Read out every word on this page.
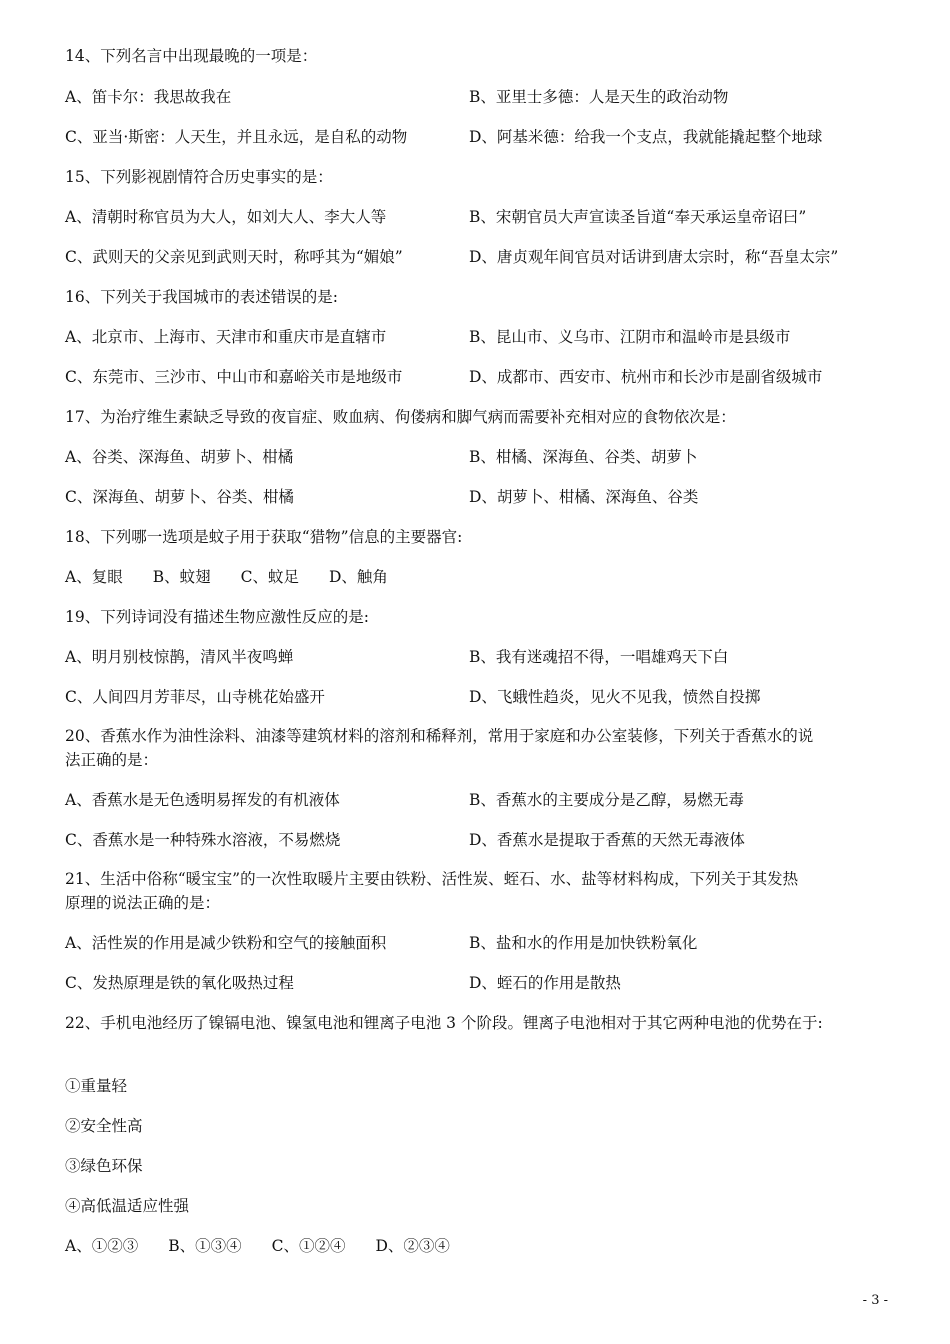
14、下列名言中出现最晚的一项是：
A、笛卡尔：我思故我在	B、亚里士多德：人是天生的政治动物
C、亚当·斯密：人天生，并且永远，是自私的动物	D、阿基米德：给我一个支点，我就能撬起整个地球
15、下列影视剧情符合历史事实的是：
A、清朝时称官员为大人，如刘大人、李大人等	B、宋朝官员大声宣读圣旨道“奉天承运皇帝诏曰”
C、武则天的父亲见到武则天时，称呼其为“媚娘”	D、唐贞观年间官员对话讲到唐太宗时，称“吾皇太宗”
16、下列关于我国城市的表述错误的是:
A、北京市、上海市、天津市和重庆市是直辖市	B、昆山市、义乌市、江阴市和温岭市是县级市
C、东莞市、三沙市、中山市和嘉峪关市是地级市	D、成都市、西安市、杭州市和长沙市是副省级城市
17、为治疗维生素缺乏导致的夜盲症、败血病、佝偻病和脚气病而需要补充相对应的食物依次是：
A、谷类、深海鱼、胡萝卜、柑橘	B、柑橘、深海鱼、谷类、胡萝卜
C、深海鱼、胡萝卜、谷类、柑橘	D、胡萝卜、柑橘、深海鱼、谷类
18、下列哪一选项是蚊子用于获取“猎物”信息的主要器官:
A、复眼 B、蚊翅 C、蚊足 D、触角
19、下列诗词没有描述生物应激性反应的是:
A、明月别枝惊鹊，清风半夜鸣蝉	B、我有迷魂招不得，一唱雄鸡天下白
C、人间四月芳菲尽，山寺桃花始盛开	D、飞蛾性趋炎，见火不见我，愤然自投掷
20、香蕉水作为油性涂料、油漆等建筑材料的溶剂和稀释剂，常用于家庭和办公室装修，下列关于香蕉水的说
法正确的是：
A、香蕉水是无色透明易挥发的有机液体	B、香蕉水的主要成分是乙醇，易燃无毒
C、香蕉水是一种特殊水溶液，不易燃烧	D、香蕉水是提取于香蕉的天然无毒液体
21、生活中俗称“暖宝宝”的一次性取暖片主要由铁粉、活性炭、蛭石、水、盐等材料构成，下列关于其发热
原理的说法正确的是：
A、活性炭的作用是减少铁粉和空气的接触面积	B、盐和水的作用是加快铁粉氧化
C、发热原理是铁的氧化吸热过程	D、蛭石的作用是散热
22、手机电池经历了镍镉电池、镍氢电池和锂离子电池 3 个阶段。锂离子电池相对于其它两种电池的优势在于:
①重量轻
②安全性高
③绿色环保
④高低温适应性强
A、①②③ B、①③④ C、①②④ D、②③④
- 3 -
